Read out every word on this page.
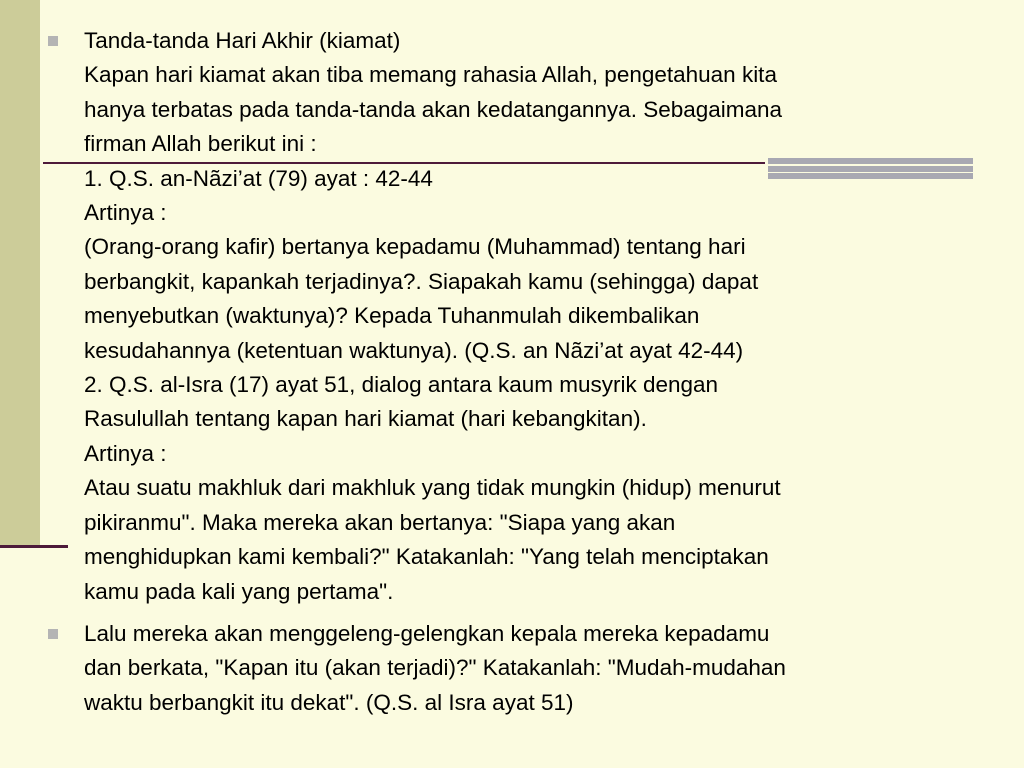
Tanda-tanda Hari Akhir (kiamat)
Kapan hari kiamat akan tiba memang rahasia Allah, pengetahuan kita
hanya terbatas pada tanda-tanda akan kedatangannya. Sebagaimana
firman Allah berikut ini :
1. Q.S. an-Nãzi’at (79) ayat : 42-44
Artinya :
(Orang-orang kafir) bertanya kepadamu (Muhammad) tentang hari
berbangkit, kapankah terjadinya?. Siapakah kamu (sehingga) dapat
menyebutkan (waktunya)? Kepada Tuhanmulah dikembalikan
kesudahannya (ketentuan waktunya). (Q.S. an Nãzi’at ayat 42-44)
2. Q.S. al-Isra (17) ayat 51, dialog antara kaum musyrik dengan
Rasulullah tentang kapan hari kiamat (hari kebangkitan).
Artinya :
Atau suatu makhluk dari makhluk yang tidak mungkin (hidup) menurut
pikiranmu". Maka mereka akan bertanya: "Siapa yang akan
menghidupkan kami kembali?" Katakanlah: "Yang telah menciptakan
kamu pada kali yang pertama".
Lalu mereka akan menggeleng-gelengkan kepala mereka kepadamu
dan berkata, "Kapan itu (akan terjadi)?" Katakanlah: "Mudah-mudahan
waktu berbangkit itu dekat". (Q.S. al Isra ayat 51)
